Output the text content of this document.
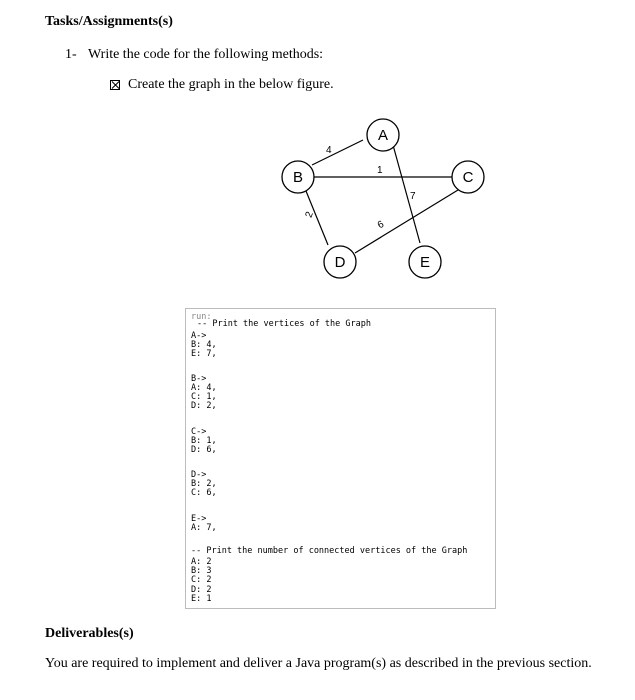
Tasks/Assignments(s)
1- Write the code for the following methods:
Create the graph in the below figure.
4
1
2
6
7
A
B	C
D	E
run:
-- Print the vertices of the Graph
A->
B: 4,
E: 7,
B->
A: 4,
C: 1,
D: 2,
C->
B: 1,
D: 6,
D->
B: 2,
C: 6,
E->
A: 7,
-- Print the number of connected vertices of the Graph
A: 2
B: 3
C: 2
D: 2
E: 1
Deliverables(s)
You are required to implement and deliver a Java program(s) as described in the previous section.
